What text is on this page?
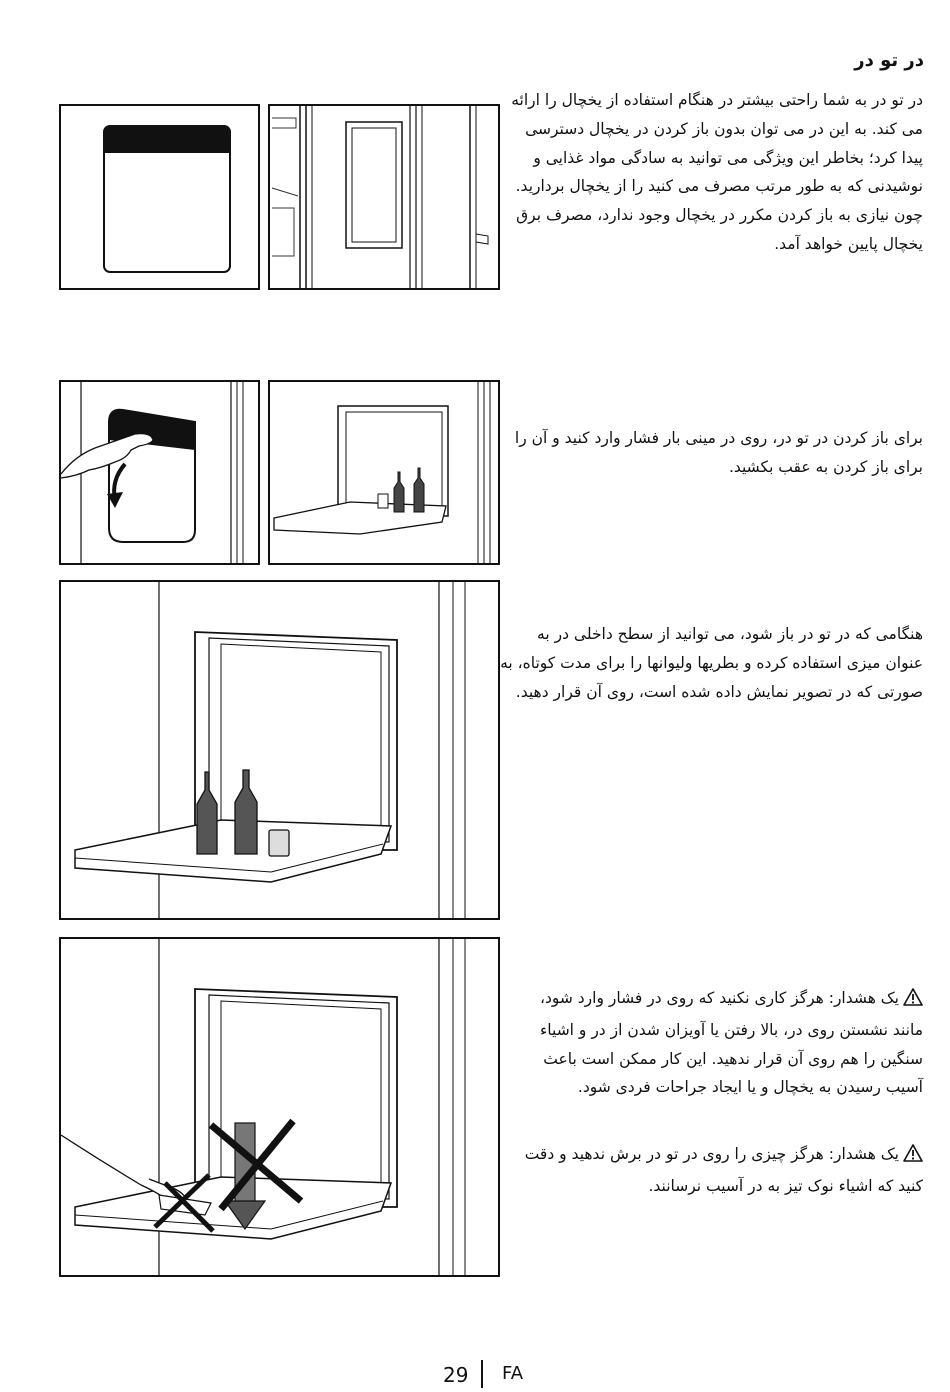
در تو در
در تو در به شما راحتی بیشتر در هنگام استفاده از یخچال را ارائه می کند. به این در می توان بدون باز کردن در یخچال دسترسی پیدا کرد؛ بخاطر این ویژگی می توانید به سادگی مواد غذایی و نوشیدنی که به طور مرتب مصرف می کنید را از یخچال بردارید. چون نیازی به باز کردن مکرر در یخچال وجود ندارد، مصرف برق یخچال پایین خواهد آمد.
برای باز کردن در تو در، روی در مینی بار فشار وارد کنید و آن را برای باز کردن به عقب بکشید.
هنگامی که در تو در باز شود، می توانید از سطح داخلی در به عنوان میزی استفاده کرده و بطریها ولیوانها را برای مدت کوتاه، به صورتی که در تصویر نمایش داده شده است، روی آن قرار دهید.
یک هشدار: هرگز کاری نکنید که روی در فشار وارد شود، مانند نشستن روی در، بالا رفتن یا آویزان شدن از در و اشیاء سنگین را هم روی آن قرار ندهید. این کار ممکن است باعث آسیب رسیدن به یخچال و یا ایجاد جراحات فردی شود.
یک هشدار: هرگز چیزی را روی در تو در برش ندهید و دقت کنید که اشیاء نوک تیز به در آسیب نرسانند.
29 FA
